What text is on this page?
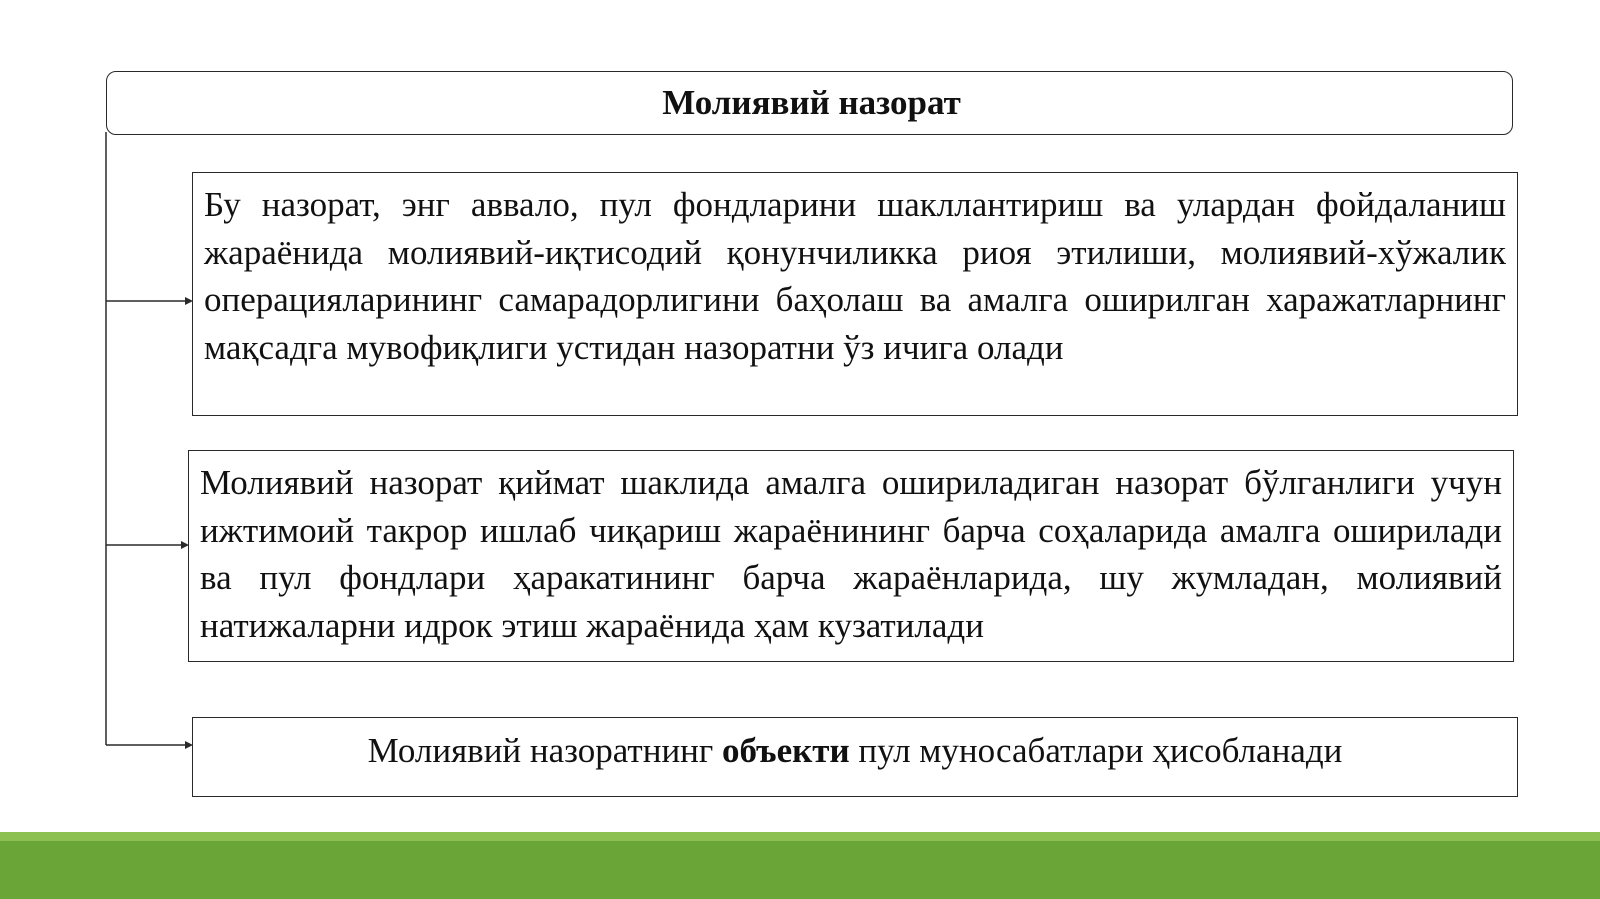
Молиявий назорат

Бу назорат, энг аввало, пул фондларини шакллантириш ва улардан фойдаланиш жараёнида молиявий-иқтисодий қонунчиликка риоя этилиши, молиявий-хўжалик операцияларининг самарадорлигини баҳолаш ва амалга оширилган харажатларнинг мақсадга мувофиқлиги устидан назоратни ўз ичига олади

Молиявий назорат қиймат шаклида амалга ошириладиган назорат бўлганлиги учун ижтимоий такрор ишлаб чиқариш жараёнининг барча соҳаларида амалга оширилади ва пул фондлари ҳаракатининг барча жараёнларида, шу жумладан, молиявий натижаларни идрок этиш жараёнида ҳам кузатилади

Молиявий назоратнинг объекти пул муносабатлари ҳисобланади
